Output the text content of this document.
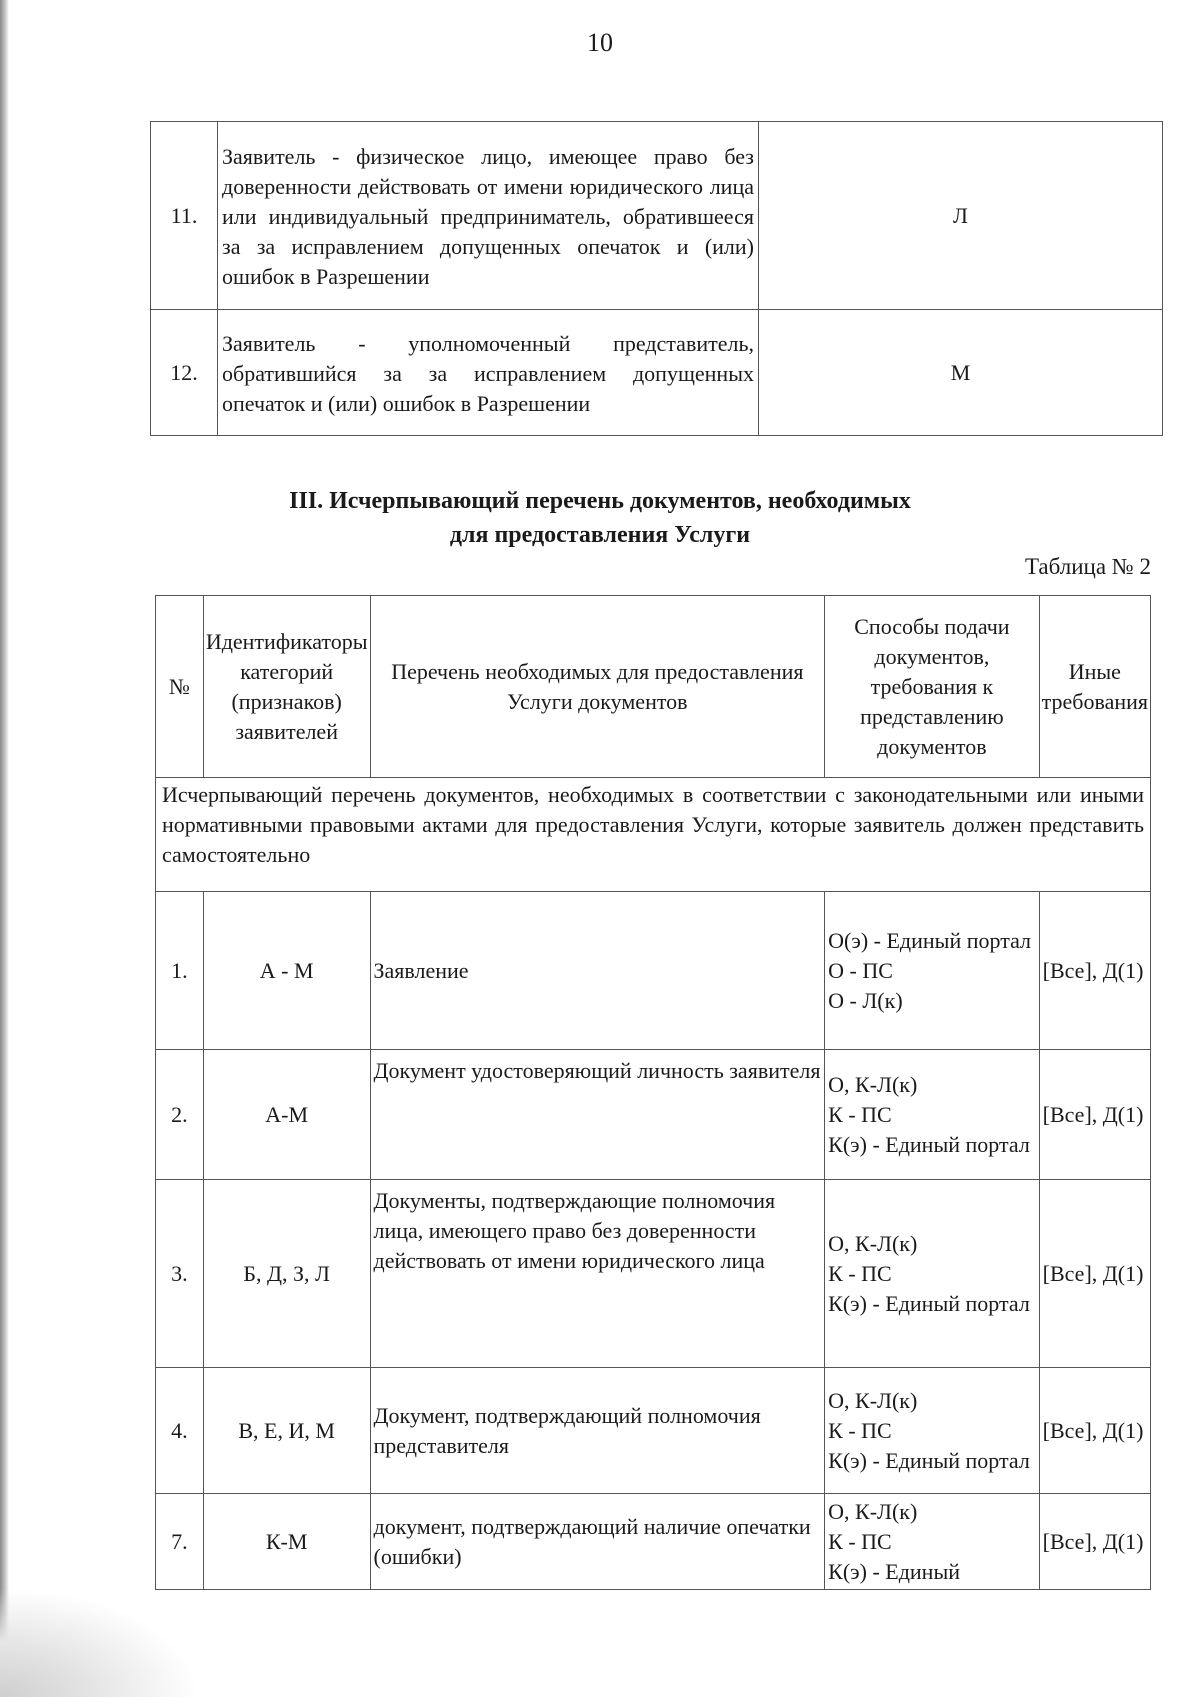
10
11.	Заявитель - физическое лицо, имеющее право без доверенности действовать от имени юридического лица или индивидуальный предприниматель, обратившееся за за исправлением допущенных опечаток и (или) ошибок в Разрешении	Л
12.	Заявитель - уполномоченный представитель, обратившийся за за исправлением допущенных опечаток и (или) ошибок в Разрешении	М
III. Исчерпывающий перечень документов, необходимых
для предоставления Услуги
Таблица № 2
№	Идентификаторы категорий (признаков) заявителей	Перечень необходимых для предоставления Услуги документов	Способы подачи документов, требования к представлению документов	Иные требования
Исчерпывающий перечень документов, необходимых в соответствии с законодательными или иными нормативными правовыми актами для предоставления Услуги, которые заявитель должен представить самостоятельно				
1.	А - М	Заявление	О(э) - Единый портал
О - ПС
О - Л(к)	[Все], Д(1)
2.	А-М	Документ удостоверяющий личность заявителя	О, К-Л(к)
К - ПС
К(э) - Единый портал	[Все], Д(1)
3.	Б, Д, З, Л	Документы, подтверждающие полномочия лица, имеющего право без доверенности действовать от имени юридического лица	О, К-Л(к)
К - ПС
К(э) - Единый портал	[Все], Д(1)
4.	В, Е, И, М	Документ, подтверждающий полномочия представителя	О, К-Л(к)
К - ПС
К(э) - Единый портал	[Все], Д(1)
7.	К-М	документ, подтверждающий наличие опечатки (ошибки)	О, К-Л(к)
К - ПС
К(э) - Единый	[Все], Д(1)
